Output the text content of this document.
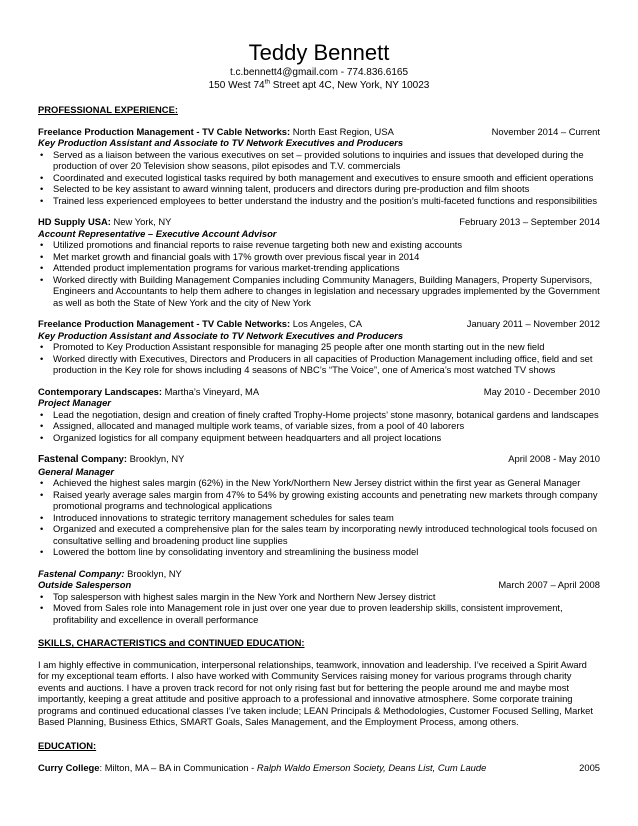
Teddy Bennett
t.c.bennett4@gmail.com - 774.836.6165
150 West 74th Street apt 4C, New York, NY 10023
PROFESSIONAL EXPERIENCE:
Freelance Production Management - TV Cable Networks: North East Region, USA	November 2014 – Current
Key Production Assistant and Associate to TV Network Executives and Producers
• Served as a liaison between the various executives on set – provided solutions to inquiries and issues that developed during the production of over 20 Television show seasons, pilot episodes and T.V. commercials
• Coordinated and executed logistical tasks required by both management and executives to ensure smooth and efficient operations
• Selected to be key assistant to award winning talent, producers and directors during pre-production and film shoots
• Trained less experienced employees to better understand the industry and the position’s multi-faceted functions and responsibilities
HD Supply USA: New York, NY	February 2013 – September 2014
Account Representative – Executive Account Advisor
• Utilized promotions and financial reports to raise revenue targeting both new and existing accounts
• Met market growth and financial goals with 17% growth over previous fiscal year in 2014
• Attended product implementation programs for various market-trending applications
• Worked directly with Building Management Companies including Community Managers, Building Managers, Property Supervisors, Engineers and Accountants to help them adhere to changes in legislation and necessary upgrades implemented by the Government as well as both the State of New York and the city of New York
Freelance Production Management - TV Cable Networks: Los Angeles, CA	January 2011 – November 2012
Key Production Assistant and Associate to TV Network Executives and Producers
• Promoted to Key Production Assistant responsible for managing 25 people after one month starting out in the new field
• Worked directly with Executives, Directors and Producers in all capacities of Production Management including office, field and set production in the Key role for shows including 4 seasons of NBC’s “The Voice”, one of America’s most watched TV shows
Contemporary Landscapes: Martha’s Vineyard, MA	May 2010 - December 2010
Project Manager
• Lead the negotiation, design and creation of finely crafted Trophy-Home projects’ stone masonry, botanical gardens and landscapes
• Assigned, allocated and managed multiple work teams, of variable sizes, from a pool of 40 laborers
• Organized logistics for all company equipment between headquarters and all project locations
Fastenal Company: Brooklyn, NY	April 2008 - May 2010
General Manager
• Achieved the highest sales margin (62%) in the New York/Northern New Jersey district within the first year as General Manager
• Raised yearly average sales margin from 47% to 54% by growing existing accounts and penetrating new markets through company promotional programs and technological applications
• Introduced innovations to strategic territory management schedules for sales team
• Organized and executed a comprehensive plan for the sales team by incorporating newly introduced technological tools focused on consultative selling and broadening product line supplies
• Lowered the bottom line by consolidating inventory and streamlining the business model
Fastenal Company: Brooklyn, NY
Outside Salesperson	March 2007 – April 2008
• Top salesperson with highest sales margin in the New York and Northern New Jersey district
• Moved from Sales role into Management role in just over one year due to proven leadership skills, consistent improvement, profitability and excellence in overall performance
SKILLS, CHARACTERISTICS and CONTINUED EDUCATION:
I am highly effective in communication, interpersonal relationships, teamwork, innovation and leadership. I’ve received a Spirit Award for my exceptional team efforts. I also have worked with Community Services raising money for various programs through charity events and auctions. I have a proven track record for not only rising fast but for bettering the people around me and maybe most importantly, keeping a great attitude and positive approach to a professional and innovative atmosphere. Some corporate training programs and continued educational classes I’ve taken include; LEAN Principals & Methodologies, Customer Focused Selling, Market Based Planning, Business Ethics, SMART Goals, Sales Management, and the Employment Process, among others.
EDUCATION:
Curry College: Milton, MA – BA in Communication - Ralph Waldo Emerson Society, Deans List, Cum Laude	2005
